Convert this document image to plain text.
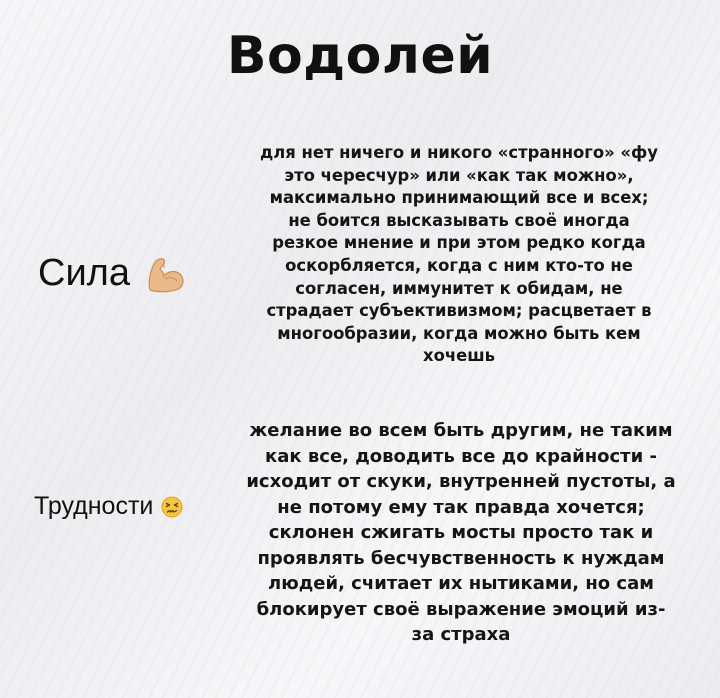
Водолей
Сила
для нет ничего и никого «странного» «фу
это чересчур» или «как так можно»,
максимально принимающий все и всех;
не боится высказывать своё иногда
резкое мнение и при этом редко когда
оскорбляется, когда с ним кто-то не
согласен, иммунитет к обидам, не
страдает субъективизмом; расцветает в
многообразии, когда можно быть кем
хочешь
Трудности
желание во всем быть другим, не таким
как все, доводить все до крайности -
исходит от скуки, внутренней пустоты, а
не потому ему так правда хочется;
склонен сжигать мосты просто так и
проявлять бесчувственность к нуждам
людей, считает их нытиками, но сам
блокирует своё выражение эмоций из-
за страха
